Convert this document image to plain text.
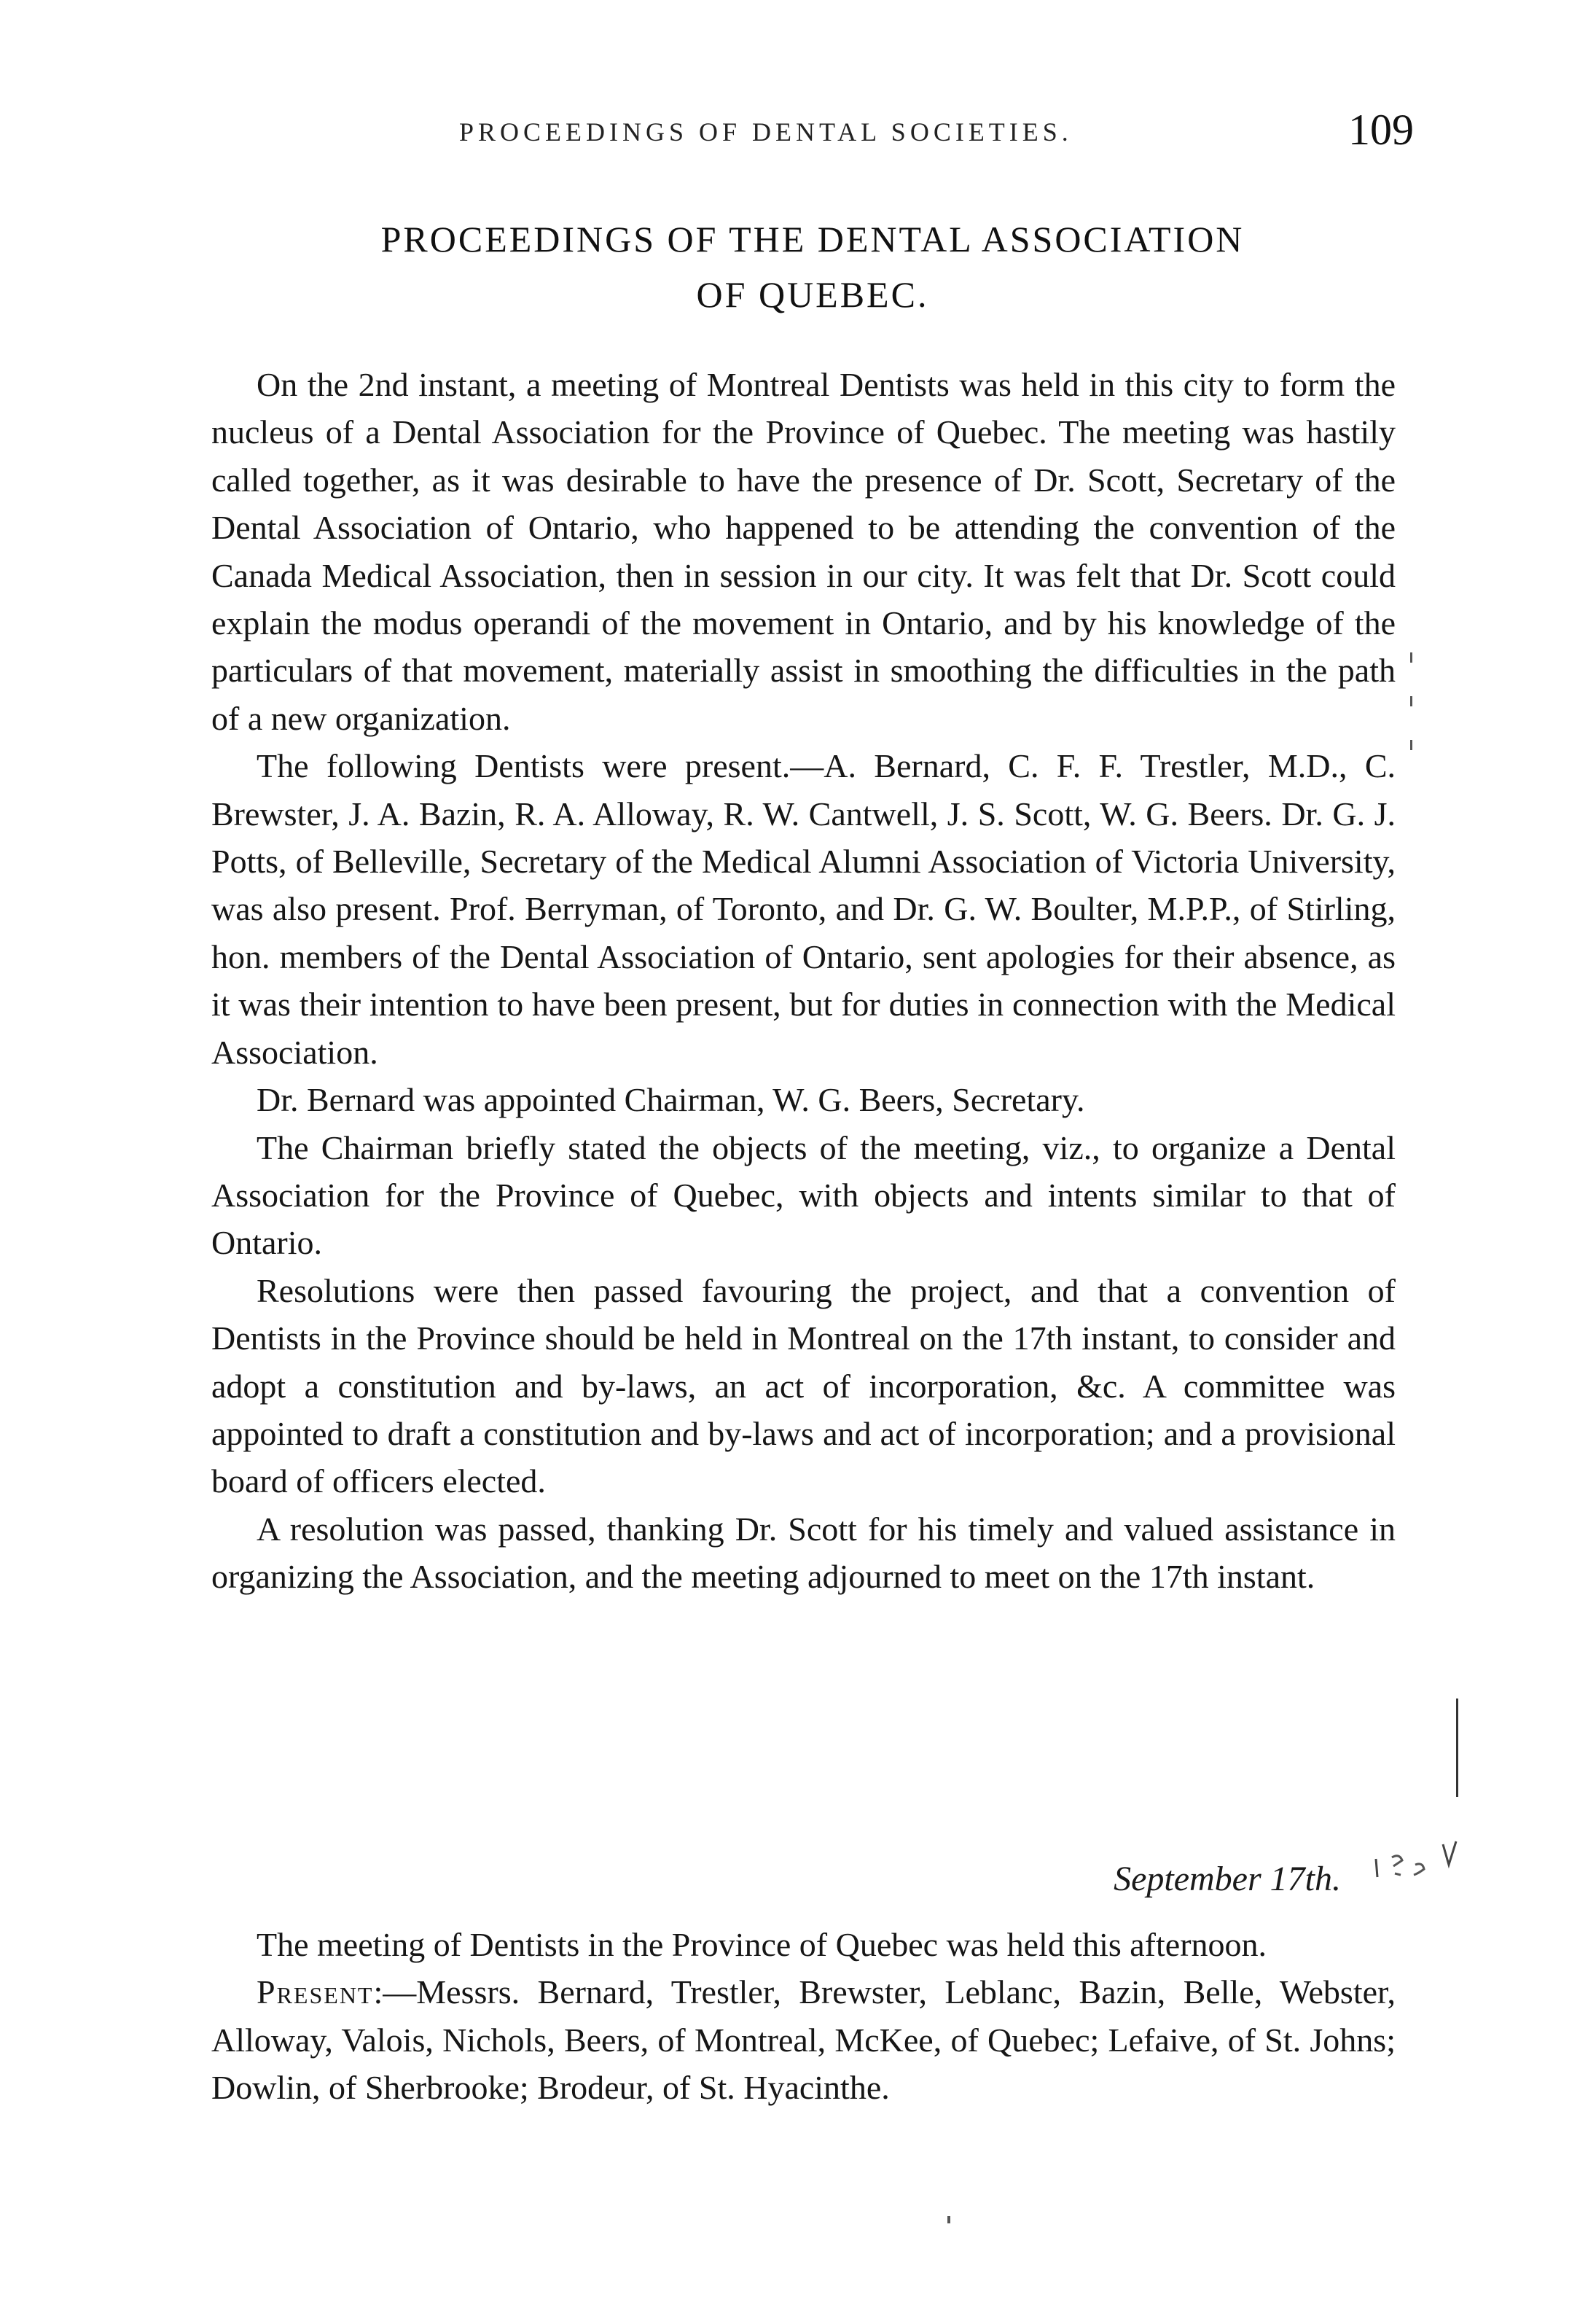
PROCEEDINGS OF DENTAL SOCIETIES.	109
PROCEEDINGS OF THE DENTAL ASSOCIATION
OF QUEBEC.

On the 2nd instant, a meeting of Montreal Dentists was held in this city to form the nucleus of a Dental Association for the Province of Quebec. The meeting was hastily called together, as it was desirable to have the presence of Dr. Scott, Secretary of the Dental Association of Ontario, who happened to be attending the convention of the Canada Medical Association, then in session in our city. It was felt that Dr. Scott could explain the modus operandi of the movement in Ontario, and by his knowledge of the particulars of that movement, materially assist in smoothing the difficulties in the path of a new organization.

The following Dentists were present.—A. Bernard, C. F. F. Trestler, M.D., C. Brewster, J. A. Bazin, R. A. Alloway, R. W. Cantwell, J. S. Scott, W. G. Beers. Dr. G. J. Potts, of Belleville, Secretary of the Medical Alumni Association of Victoria University, was also present. Prof. Berryman, of Toronto, and Dr. G. W. Boulter, M.P.P., of Stirling, hon. members of the Dental Association of Ontario, sent apologies for their absence, as it was their intention to have been present, but for duties in connection with the Medical Association.

Dr. Bernard was appointed Chairman, W. G. Beers, Secretary.

The Chairman briefly stated the objects of the meeting, viz., to organize a Dental Association for the Province of Quebec, with objects and intents similar to that of Ontario.

Resolutions were then passed favouring the project, and that a convention of Dentists in the Province should be held in Montreal on the 17th instant, to consider and adopt a constitution and by-laws, an act of incorporation, &c. A committee was appointed to draft a constitution and by-laws and act of incorporation; and a provisional board of officers elected.

A resolution was passed, thanking Dr. Scott for his timely and valued assistance in organizing the Association, and the meeting adjourned to meet on the 17th instant.

September 17th.

The meeting of Dentists in the Province of Quebec was held this afternoon.

Present:—Messrs. Bernard, Trestler, Brewster, Leblanc, Bazin, Belle, Webster, Alloway, Valois, Nichols, Beers, of Montreal, McKee, of Quebec; Lefaive, of St. Johns; Dowlin, of Sherbrooke; Brodeur, of St. Hyacinthe.
